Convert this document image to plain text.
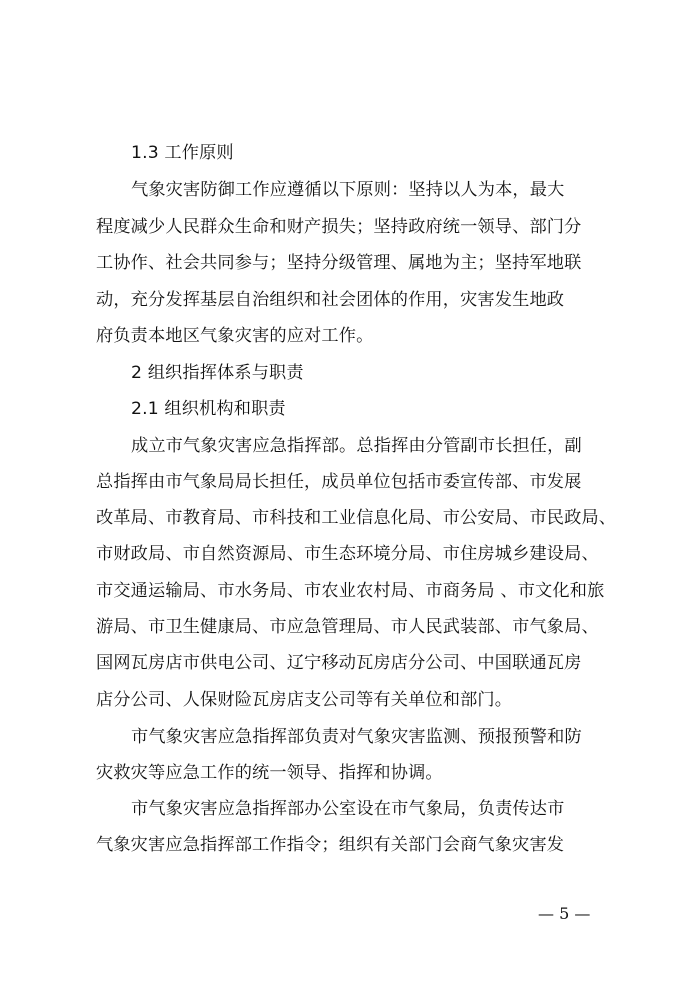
1.3 工作原则
气象灾害防御工作应遵循以下原则：坚持以人为本，最大
程度减少人民群众生命和财产损失；坚持政府统一领导、部门分
工协作、社会共同参与；坚持分级管理、属地为主；坚持军地联
动，充分发挥基层自治组织和社会团体的作用，灾害发生地政
府负责本地区气象灾害的应对工作。
2 组织指挥体系与职责
2.1 组织机构和职责
成立市气象灾害应急指挥部。总指挥由分管副市长担任，副
总指挥由市气象局局长担任，成员单位包括市委宣传部、市发展
改革局、市教育局、市科技和工业信息化局、市公安局、市民政局、
市财政局、市自然资源局、市生态环境分局、市住房城乡建设局、
市交通运输局、市水务局、市农业农村局、市商务局 、市文化和旅
游局、市卫生健康局、市应急管理局、市人民武装部、市气象局、
国网瓦房店市供电公司、辽宁移动瓦房店分公司、中国联通瓦房
店分公司、人保财险瓦房店支公司等有关单位和部门。
市气象灾害应急指挥部负责对气象灾害监测、预报预警和防
灾救灾等应急工作的统一领导、指挥和协调。
市气象灾害应急指挥部办公室设在市气象局，负责传达市
气象灾害应急指挥部工作指令；组织有关部门会商气象灾害发
— 5 —
